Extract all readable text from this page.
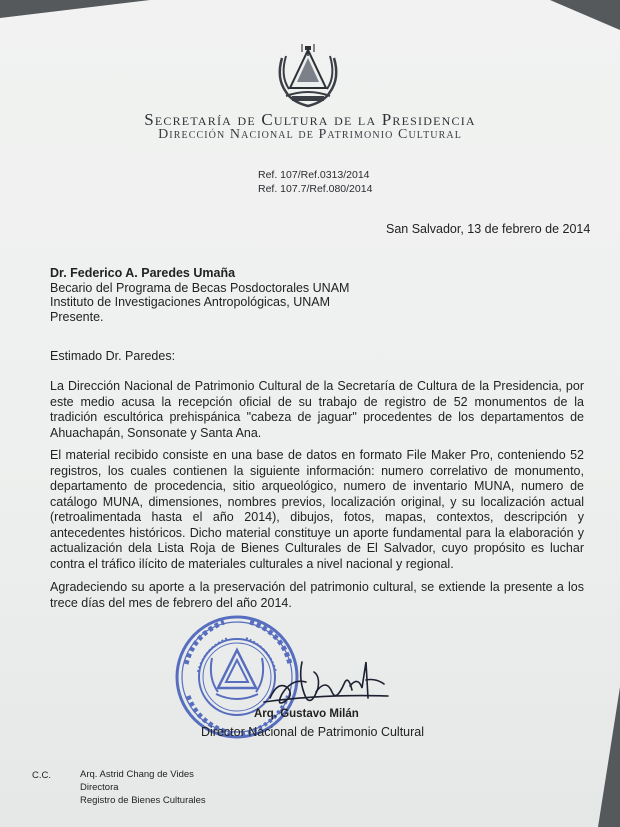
Secretaría de Cultura de la Presidencia
Dirección Nacional de Patrimonio Cultural
Ref. 107/Ref.0313/2014
Ref. 107.7/Ref.080/2014
San Salvador, 13 de febrero de 2014
Dr. Federico A. Paredes Umaña
Becario del Programa de Becas Posdoctorales UNAM
Instituto de Investigaciones Antropológicas, UNAM
Presente.
Estimado Dr. Paredes:
La Dirección Nacional de Patrimonio Cultural de la Secretaría de Cultura de la Presidencia, por este medio acusa la recepción oficial de su trabajo de registro de 52 monumentos de la tradición escultórica prehispánica "cabeza de jaguar" procedentes de los departamentos de Ahuachapán, Sonsonate y Santa Ana.
El material recibido consiste en una base de datos en formato File Maker Pro, conteniendo 52 registros, los cuales contienen la siguiente información: numero correlativo de monumento, departamento de procedencia, sitio arqueológico, numero de inventario MUNA, numero de catálogo MUNA, dimensiones, nombres previos, localización original, y su localización actual (retroalimentada hasta el año 2014), dibujos, fotos, mapas, contextos, descripción y antecedentes históricos. Dicho material constituye un aporte fundamental para la elaboración y actualización dela Lista Roja de Bienes Culturales de El Salvador, cuyo propósito es luchar contra el tráfico ilícito de materiales culturales a nivel nacional y regional.
Agradeciendo su aporte a la preservación del patrimonio cultural, se extiende la presente a los trece días del mes de febrero del año 2014.
Arq. Gustavo Milán
Director Nacional de Patrimonio Cultural
C.C.	Arq. Astrid Chang de Vides
Directora
Registro de Bienes Culturales
